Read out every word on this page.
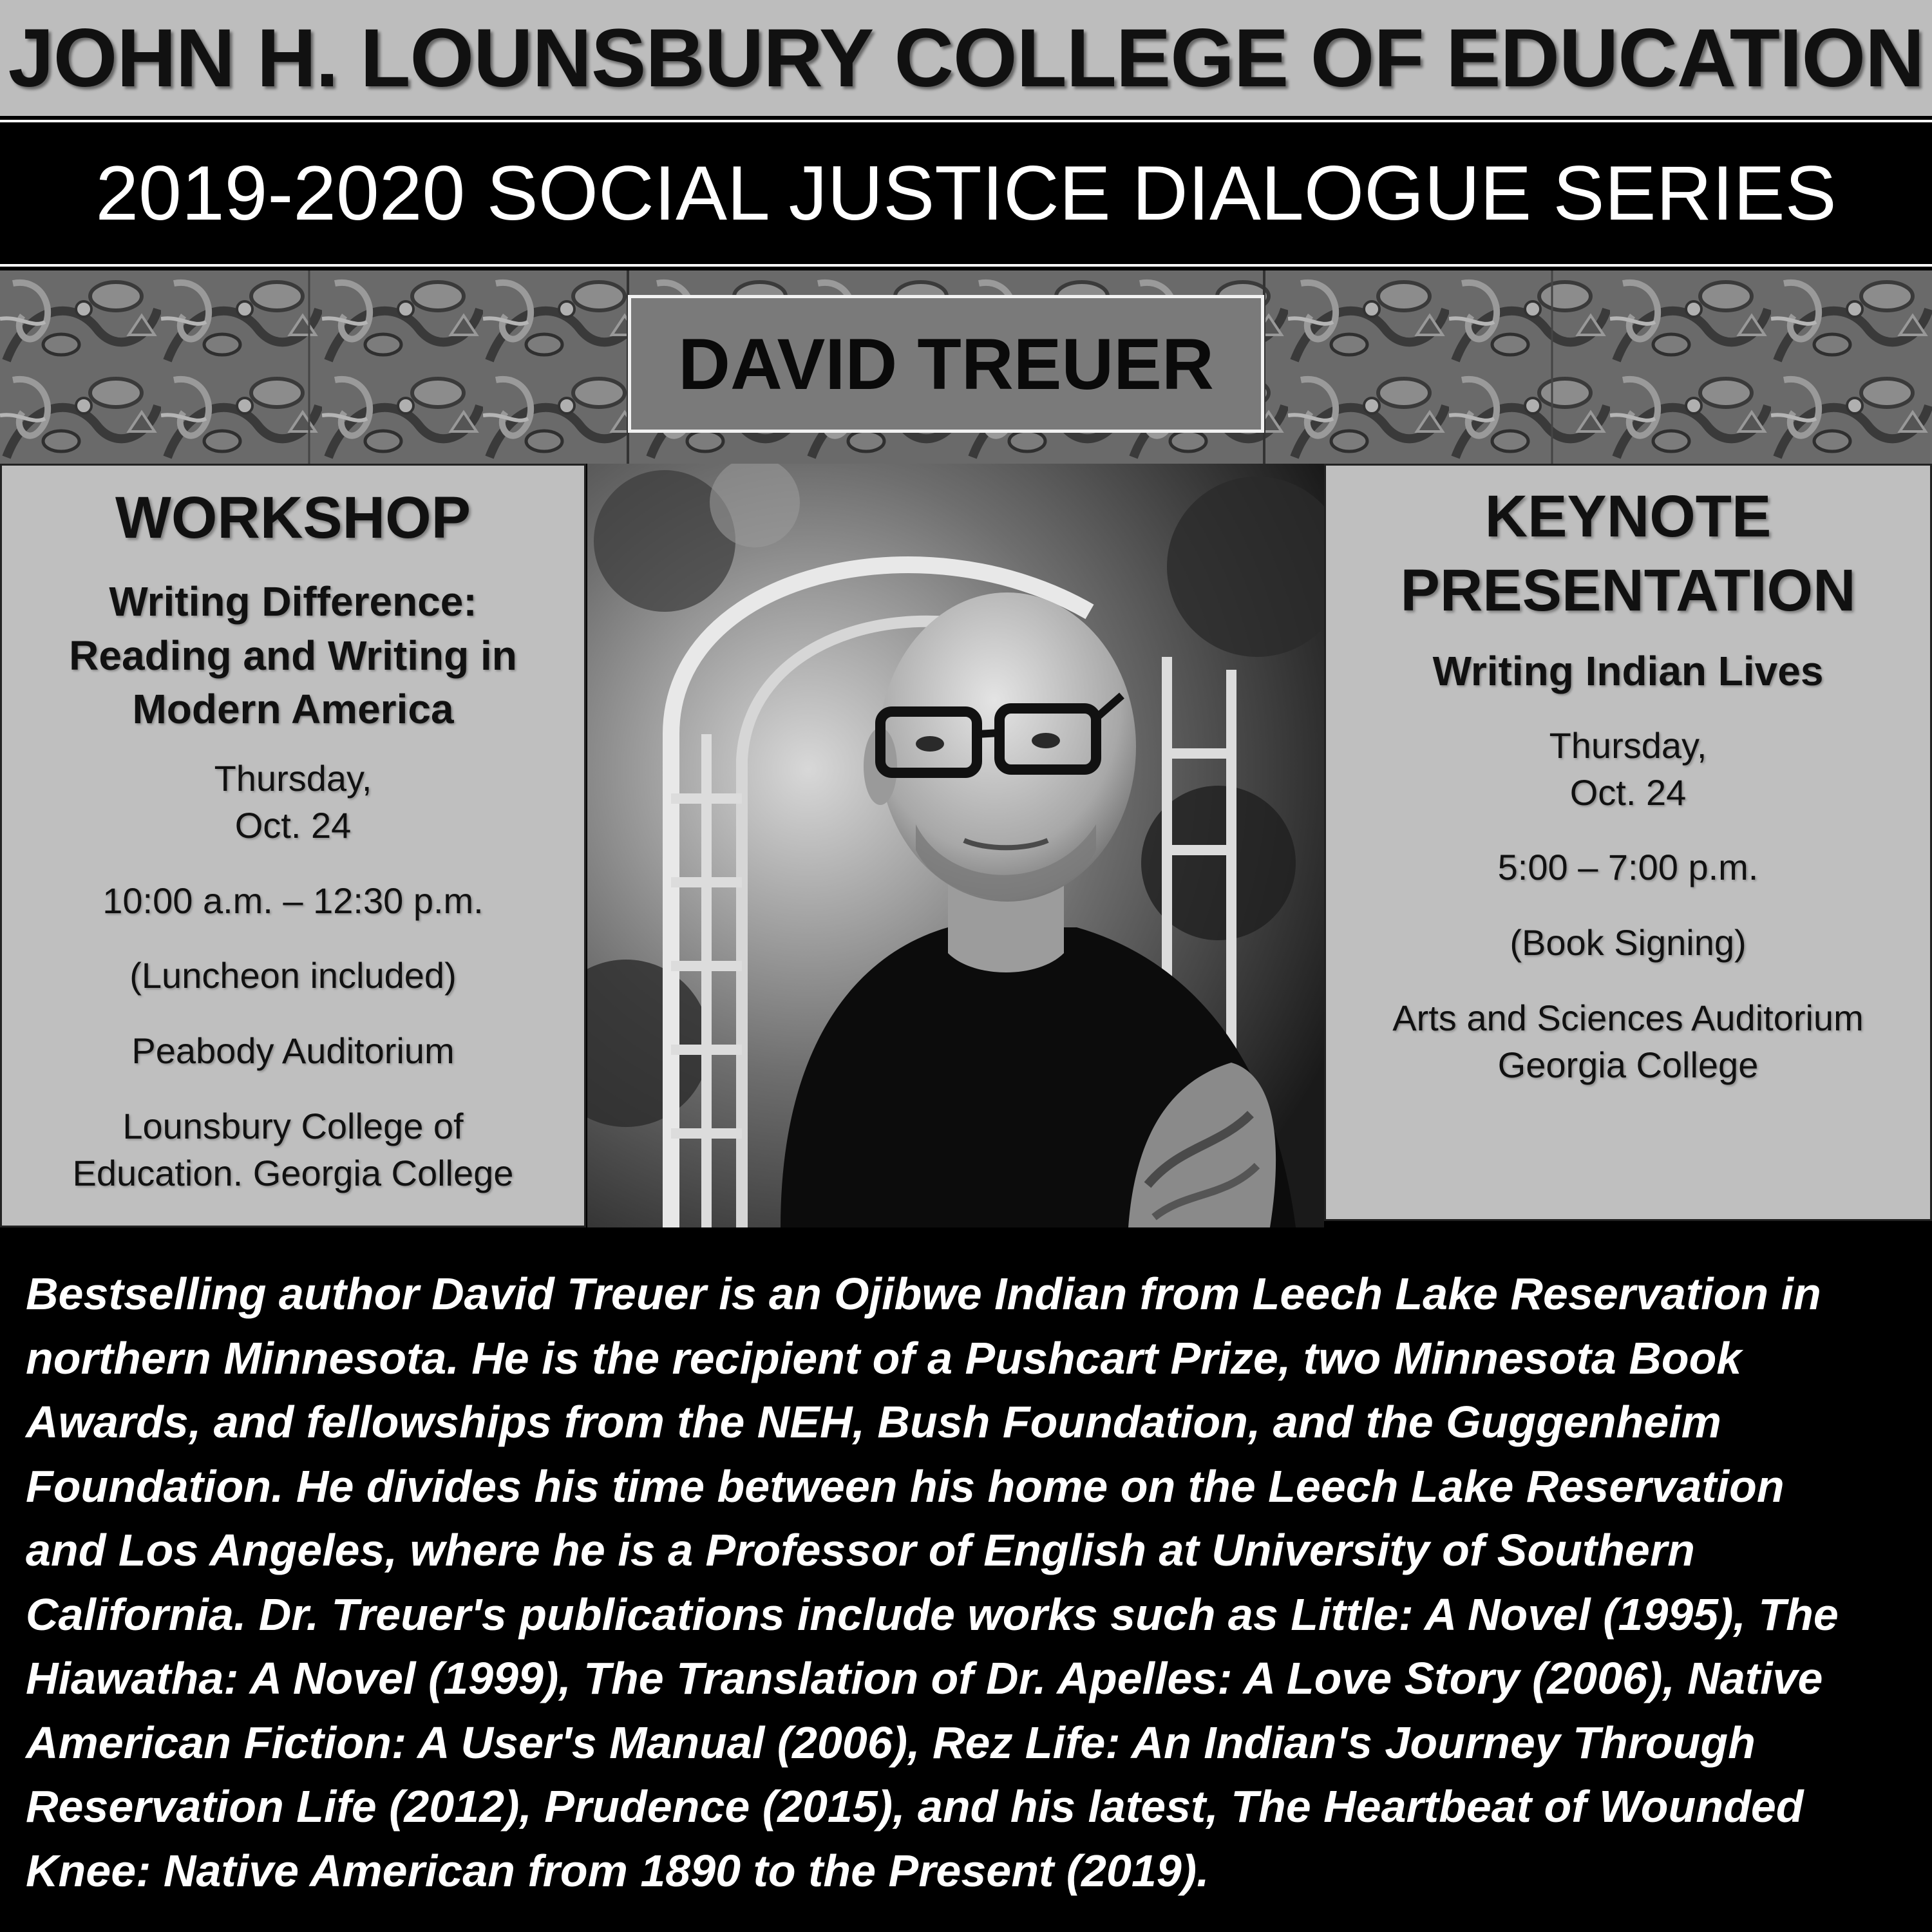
JOHN H. LOUNSBURY COLLEGE OF EDUCATION
2019-2020 SOCIAL JUSTICE DIALOGUE SERIES
DAVID TREUER
WORKSHOP
Writing Difference:
Reading and Writing in
Modern America

Thursday,

Oct. 24

10:00 a.m. – 12:30 p.m.

(Luncheon included)

Peabody Auditorium

Lounsbury College of

Education. Georgia College

KEYNOTE
PRESENTATION
Writing Indian Lives

Thursday,

Oct. 24

5:00 – 7:00 p.m.

(Book Signing)

Arts and Sciences Auditorium

Georgia College

Bestselling author David Treuer is an Ojibwe Indian from Leech Lake Reservation in
northern Minnesota. He is the recipient of a Pushcart Prize, two Minnesota Book
Awards, and fellowships from the NEH, Bush Foundation, and the Guggenheim
Foundation. He divides his time between his home on the Leech Lake Reservation
and Los Angeles, where he is a Professor of English at University of Southern
California. Dr. Treuer's publications include works such as Little: A Novel (1995), The
Hiawatha: A Novel (1999), The Translation of Dr. Apelles: A Love Story (2006), Native
American Fiction: A User's Manual (2006), Rez Life: An Indian's Journey Through
Reservation Life (2012), Prudence (2015), and his latest, The Heartbeat of Wounded
Knee: Native American from 1890 to the Present (2019).
